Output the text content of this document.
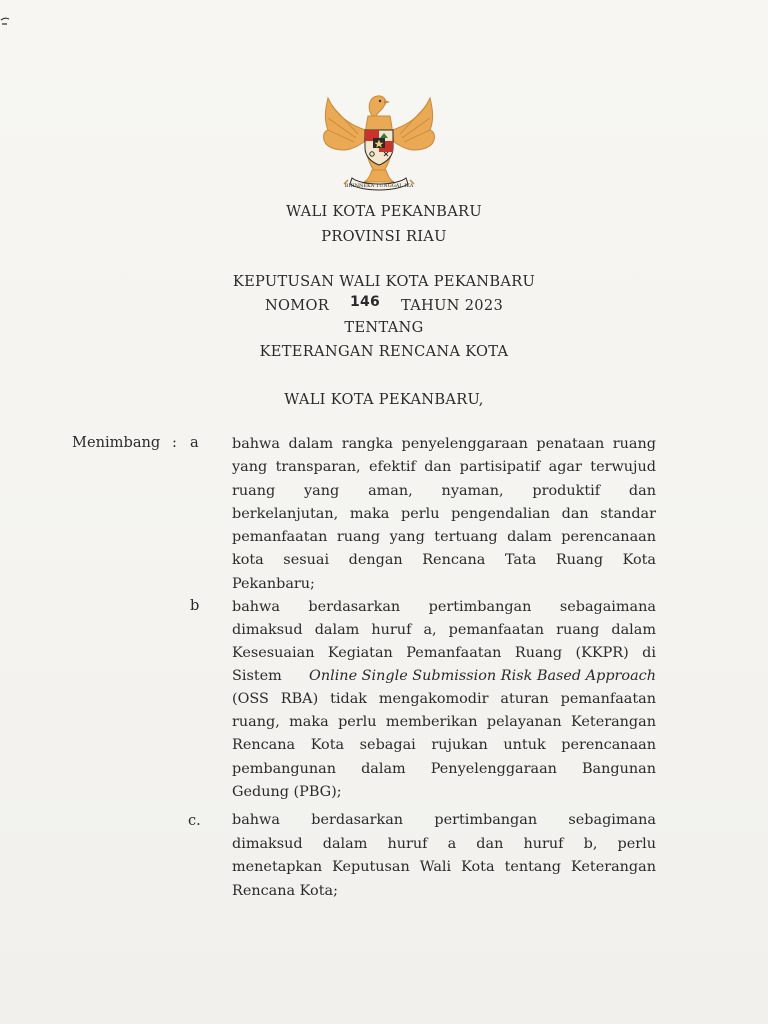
BHINNEKA TUNGGAL IKA
WALI KOTA PEKANBARU
PROVINSI RIAU
KEPUTUSAN WALI KOTA PEKANBARU
NOMOR 146 TAHUN 2023
TENTANG
KETERANGAN RENCANA KOTA
WALI KOTA PEKANBARU,
Menimbang : a bahwa dalam rangka penyelenggaraan penataan ruang
yang transparan, efektif dan partisipatif agar terwujud
ruang yang aman, nyaman, produktif dan
berkelanjutan, maka perlu pengendalian dan standar
pemanfaatan ruang yang tertuang dalam perencanaan
kota sesuai dengan Rencana Tata Ruang Kota
Pekanbaru;
b bahwa berdasarkan pertimbangan sebagaimana
dimaksud dalam huruf a, pemanfaatan ruang dalam
Kesesuaian Kegiatan Pemanfaatan Ruang (KKPR) di
Sistem Online Single Submission Risk Based Approach
(OSS RBA) tidak mengakomodir aturan pemanfaatan
ruang, maka perlu memberikan pelayanan Keterangan
Rencana Kota sebagai rujukan untuk perencanaan
pembangunan dalam Penyelenggaraan Bangunan
Gedung (PBG);
c. bahwa berdasarkan pertimbangan sebagimana
dimaksud dalam huruf a dan huruf b, perlu
menetapkan Keputusan Wali Kota tentang Keterangan
Rencana Kota;
